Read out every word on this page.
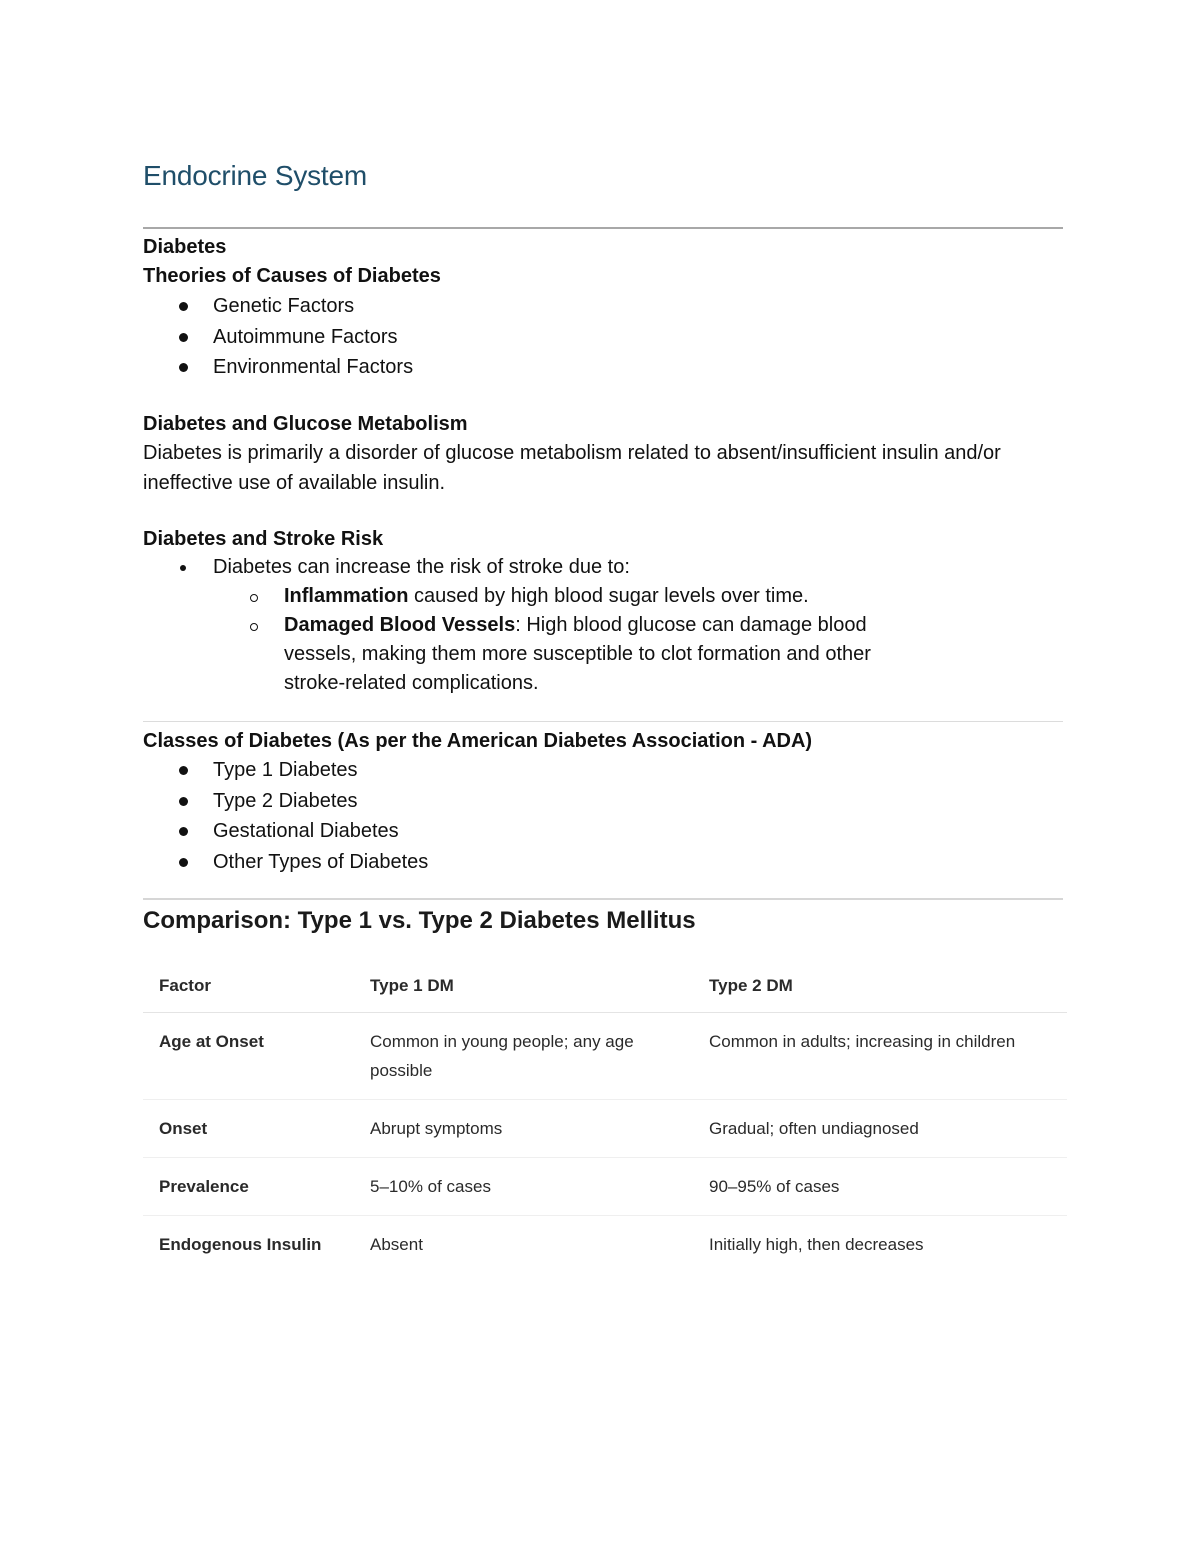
Endocrine System
Diabetes
Theories of Causes of Diabetes
Genetic Factors
Autoimmune Factors
Environmental Factors
Diabetes and Glucose Metabolism

Diabetes is primarily a disorder of glucose metabolism related to absent/insufficient insulin and/or ineffective use of available insulin.

Diabetes and Stroke Risk
Diabetes can increase the risk of stroke due to:
Inflammation caused by high blood sugar levels over time.
Damaged Blood Vessels: High blood glucose can damage blood vessels, making them more susceptible to clot formation and other stroke-related complications.
Classes of Diabetes (As per the American Diabetes Association - ADA)
Type 1 Diabetes
Type 2 Diabetes
Gestational Diabetes
Other Types of Diabetes
Comparison: Type 1 vs. Type 2 Diabetes Mellitus
Factor	Type 1 DM	Type 2 DM
Age at Onset	Common in young people; any age possible	Common in adults; increasing in children
Onset	Abrupt symptoms	Gradual; often undiagnosed
Prevalence	5–10% of cases	90–95% of cases
Endogenous Insulin	Absent	Initially high, then decreases
